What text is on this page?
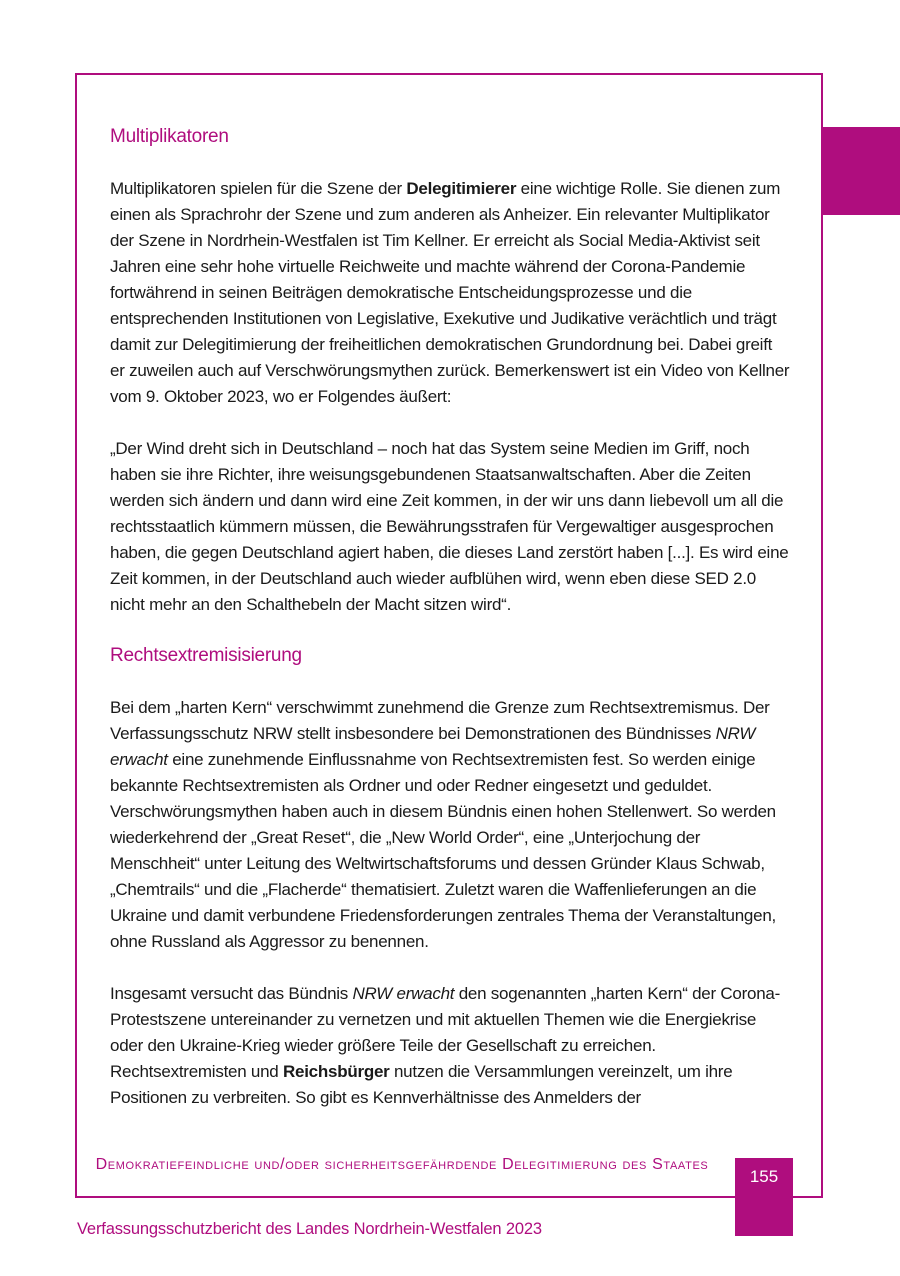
Multiplikatoren

Multiplikatoren spielen für die Szene der Delegitimierer eine wichtige Rolle. Sie dienen zum einen als Sprachrohr der Szene und zum anderen als Anheizer. Ein relevanter Multiplikator der Szene in Nordrhein-Westfalen ist Tim Kellner. Er erreicht als Social Media-Aktivist seit Jahren eine sehr hohe virtuelle Reichweite und machte während der Corona-Pandemie fortwährend in seinen Beiträgen demokratische Entscheidungsprozesse und die entsprechenden Institutionen von Legislative, Exekutive und Judikative verächtlich und trägt damit zur Delegitimierung der freiheitlichen demokratischen Grundordnung bei. Dabei greift er zuweilen auch auf Verschwörungsmythen zurück. Bemerkenswert ist ein Video von Kellner vom 9. Oktober 2023, wo er Folgendes äußert:

„Der Wind dreht sich in Deutschland – noch hat das System seine Medien im Griff, noch haben sie ihre Richter, ihre weisungsgebundenen Staatsanwaltschaften. Aber die Zeiten werden sich ändern und dann wird eine Zeit kommen, in der wir uns dann liebevoll um all die rechtsstaatlich kümmern müssen, die Bewährungsstrafen für Vergewaltiger ausgesprochen haben, die gegen Deutschland agiert haben, die dieses Land zerstört haben [...]. Es wird eine Zeit kommen, in der Deutschland auch wieder aufblühen wird, wenn eben diese SED 2.0 nicht mehr an den Schalthebeln der Macht sitzen wird“.

Rechtsextremisisierung

Bei dem „harten Kern“ verschwimmt zunehmend die Grenze zum Rechtsextremismus. Der Verfassungsschutz NRW stellt insbesondere bei Demonstrationen des Bündnisses NRW erwacht eine zunehmende Einflussnahme von Rechtsextremisten fest. So werden einige bekannte Rechtsextremisten als Ordner und oder Redner eingesetzt und geduldet. Verschwörungsmythen haben auch in diesem Bündnis einen hohen Stellenwert. So werden wiederkehrend der „Great Reset“, die „New World Order“, eine „Unterjochung der Menschheit“ unter Leitung des Weltwirtschaftsforums und dessen Gründer Klaus Schwab, „Chemtrails“ und die „Flacherde“ thematisiert. Zuletzt waren die Waffenlieferungen an die Ukraine und damit verbundene Friedensforderungen zentrales Thema der Veranstaltungen, ohne Russland als Aggressor zu benennen.

Insgesamt versucht das Bündnis NRW erwacht den sogenannten „harten Kern“ der Corona-Protestszene untereinander zu vernetzen und mit aktuellen Themen wie die Energiekrise oder den Ukraine-Krieg wieder größere Teile der Gesellschaft zu erreichen. Rechtsextremisten und Reichsbürger nutzen die Versammlungen vereinzelt, um ihre Positionen zu verbreiten. So gibt es Kennverhältnisse des Anmelders der

Demokratiefeindliche und/oder sicherheitsgefährdende Delegitimierung des Staates
155
Verfassungsschutzbericht des Landes Nordrhein-Westfalen 2023
